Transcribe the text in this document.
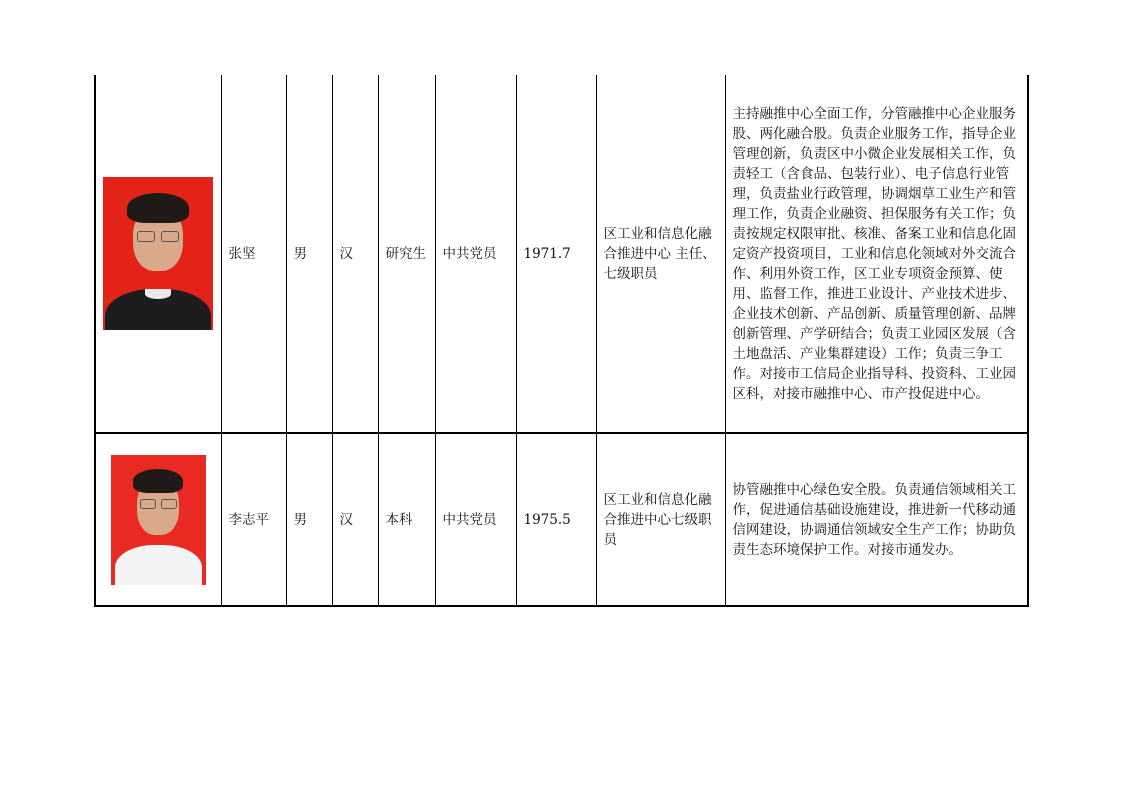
	张坚	男	汉	研究生	中共党员	1971.7	区工业和信息化融合推进中心 主任、七级职员	主持融推中心全面工作，分管融推中心企业服务股、两化融合股。负责企业服务工作，指导企业管理创新，负责区中小微企业发展相关工作，负责轻工（含食品、包装行业）、电子信息行业管理，负责盐业行政管理，协调烟草工业生产和管理工作，负责企业融资、担保服务有关工作；负责按规定权限审批、核准、备案工业和信息化固定资产投资项目，工业和信息化领域对外交流合作、利用外资工作，区工业专项资金预算、使用、监督工作，推进工业设计、产业技术进步、企业技术创新、产品创新、质量管理创新、品牌创新管理、产学研结合；负责工业园区发展（含土地盘活、产业集群建设）工作；负责三争工作。对接市工信局企业指导科、投资科、工业园区科，对接市融推中心、市产投促进中心。

	李志平	男	汉	本科	中共党员	1975.5	区工业和信息化融合推进中心七级职员	协管融推中心绿色安全股。负责通信领域相关工作，促进通信基础设施建设，推进新一代移动通信网建设，协调通信领域安全生产工作；协助负责生态环境保护工作。对接市通发办。
